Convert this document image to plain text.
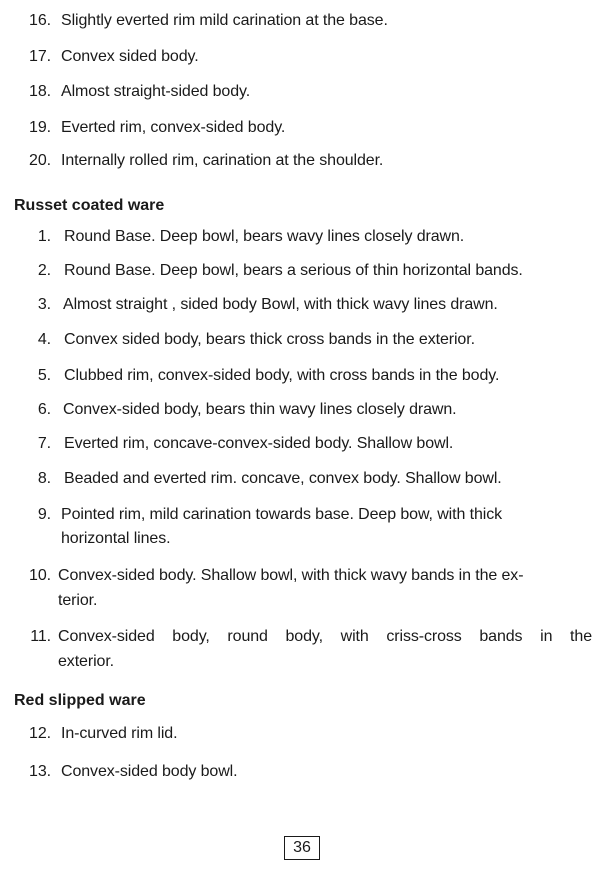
16. Slightly everted rim mild carination at the base.
17. Convex sided body.
18. Almost straight-sided body.
19. Everted rim, convex-sided body.
20. Internally rolled rim, carination at the shoulder.
Russet coated ware
1. Round Base. Deep bowl, bears wavy lines closely drawn.
2. Round Base. Deep bowl, bears a serious of thin horizontal bands.
3. Almost straight , sided body Bowl, with thick wavy lines drawn.
4. Convex sided body, bears thick cross bands in the exterior.
5. Clubbed rim, convex-sided body, with cross bands in the body.
6. Convex-sided body, bears thin wavy lines closely drawn.
7. Everted rim, concave-convex-sided body. Shallow bowl.
8. Beaded and everted rim. concave, convex body. Shallow bowl.
9. Pointed rim, mild carination towards base. Deep bow, with thick
horizontal lines.
10. Convex-sided body. Shallow bowl, with thick wavy bands in the ex-
terior.
11. Convex-sided body, round body, with criss-cross bands in the
exterior.
Red slipped ware
12. In-curved rim lid.
13. Convex-sided body bowl.
36
